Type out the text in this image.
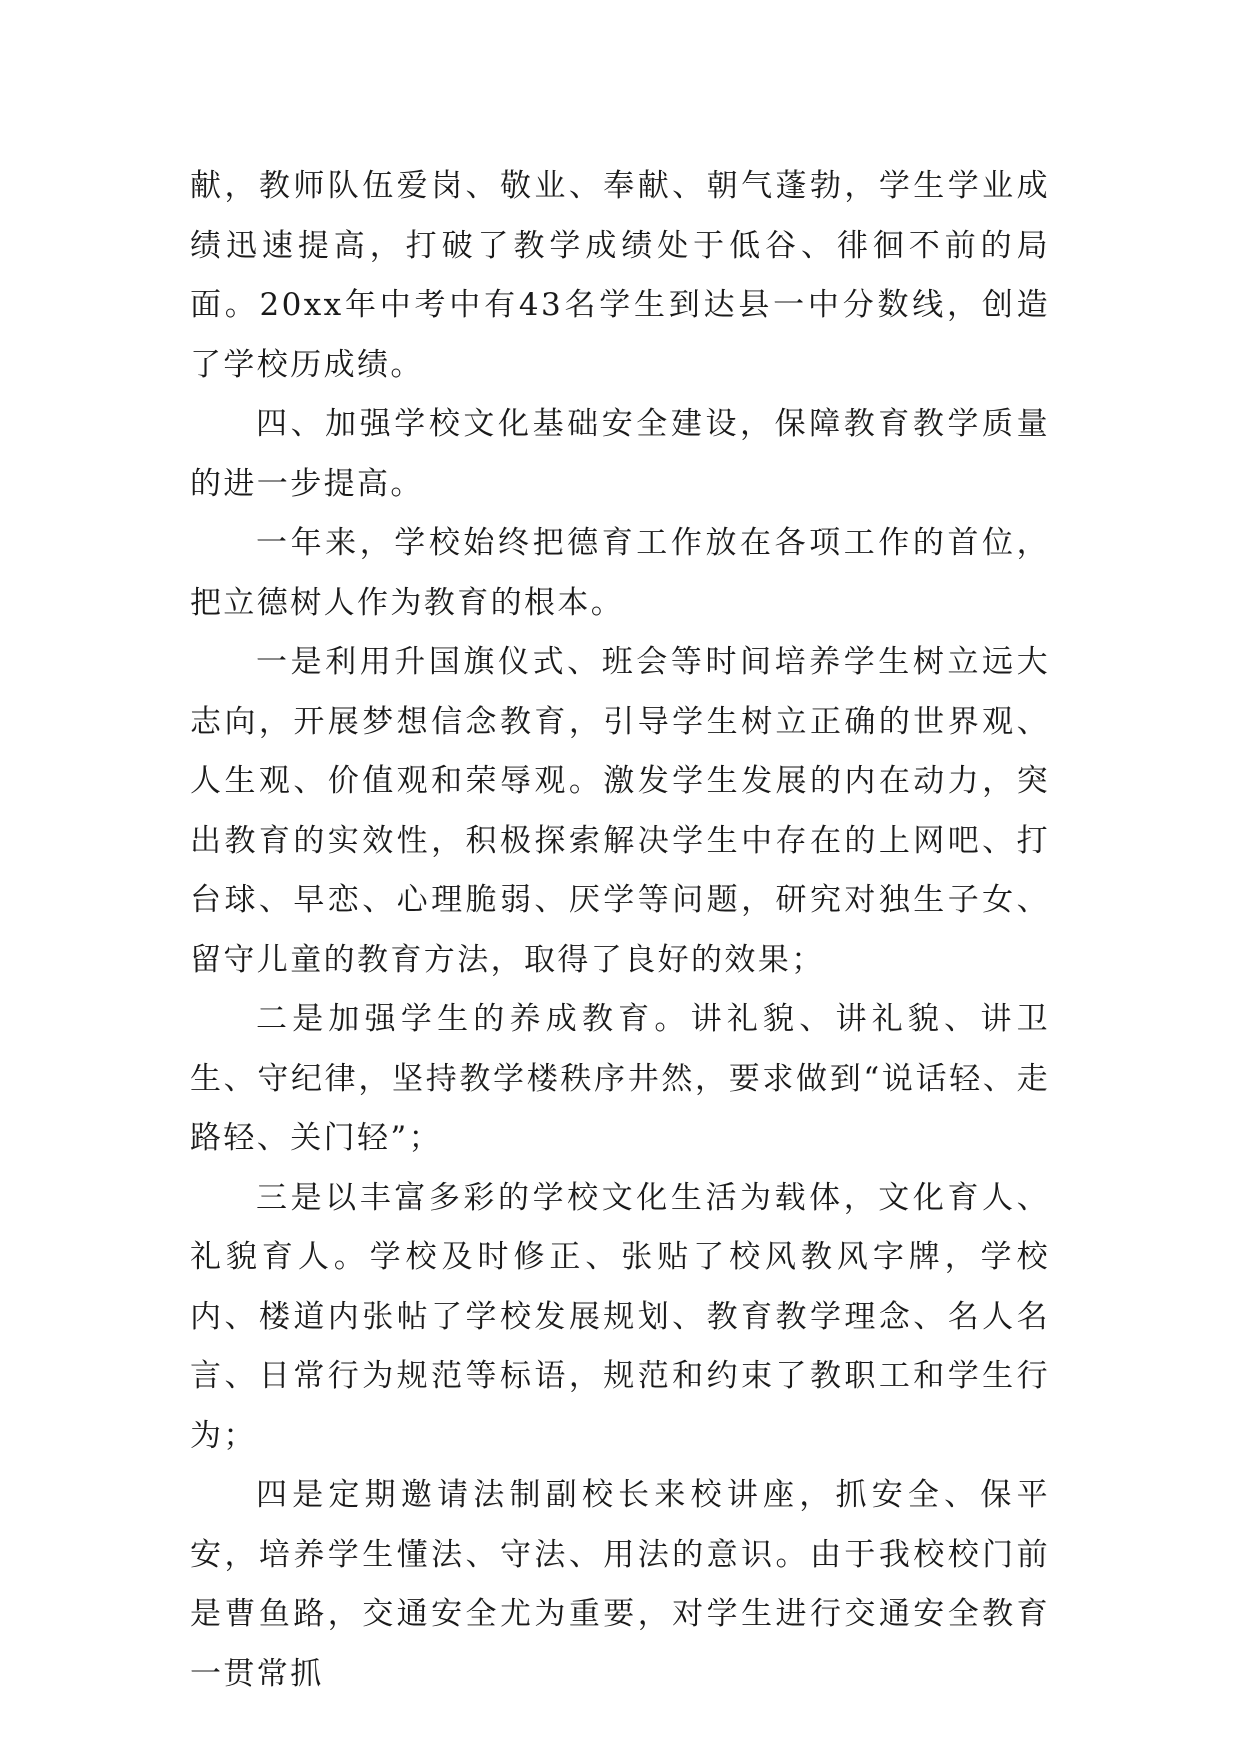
献，教师队伍爱岗、敬业、奉献、朝气蓬勃，学生学业成绩迅速提高，打破了教学成绩处于低谷、徘徊不前的局面。20xx年中考中有43名学生到达县一中分数线，创造了学校历成绩。

四、加强学校文化基础安全建设，保障教育教学质量的进一步提高。

一年来，学校始终把德育工作放在各项工作的首位，把立德树人作为教育的根本。

一是利用升国旗仪式、班会等时间培养学生树立远大志向，开展梦想信念教育，引导学生树立正确的世界观、人生观、价值观和荣辱观。激发学生发展的内在动力，突出教育的实效性，积极探索解决学生中存在的上网吧、打台球、早恋、心理脆弱、厌学等问题，研究对独生子女、留守儿童的教育方法，取得了良好的效果；

二是加强学生的养成教育。讲礼貌、讲礼貌、讲卫生、守纪律，坚持教学楼秩序井然，要求做到“说话轻、走路轻、关门轻”；

三是以丰富多彩的学校文化生活为载体，文化育人、礼貌育人。学校及时修正、张贴了校风教风字牌，学校内、楼道内张帖了学校发展规划、教育教学理念、名人名言、日常行为规范等标语，规范和约束了教职工和学生行为；

四是定期邀请法制副校长来校讲座，抓安全、保平安，培养学生懂法、守法、用法的意识。由于我校校门前是曹鱼路，交通安全尤为重要，对学生进行交通安全教育一贯常抓
